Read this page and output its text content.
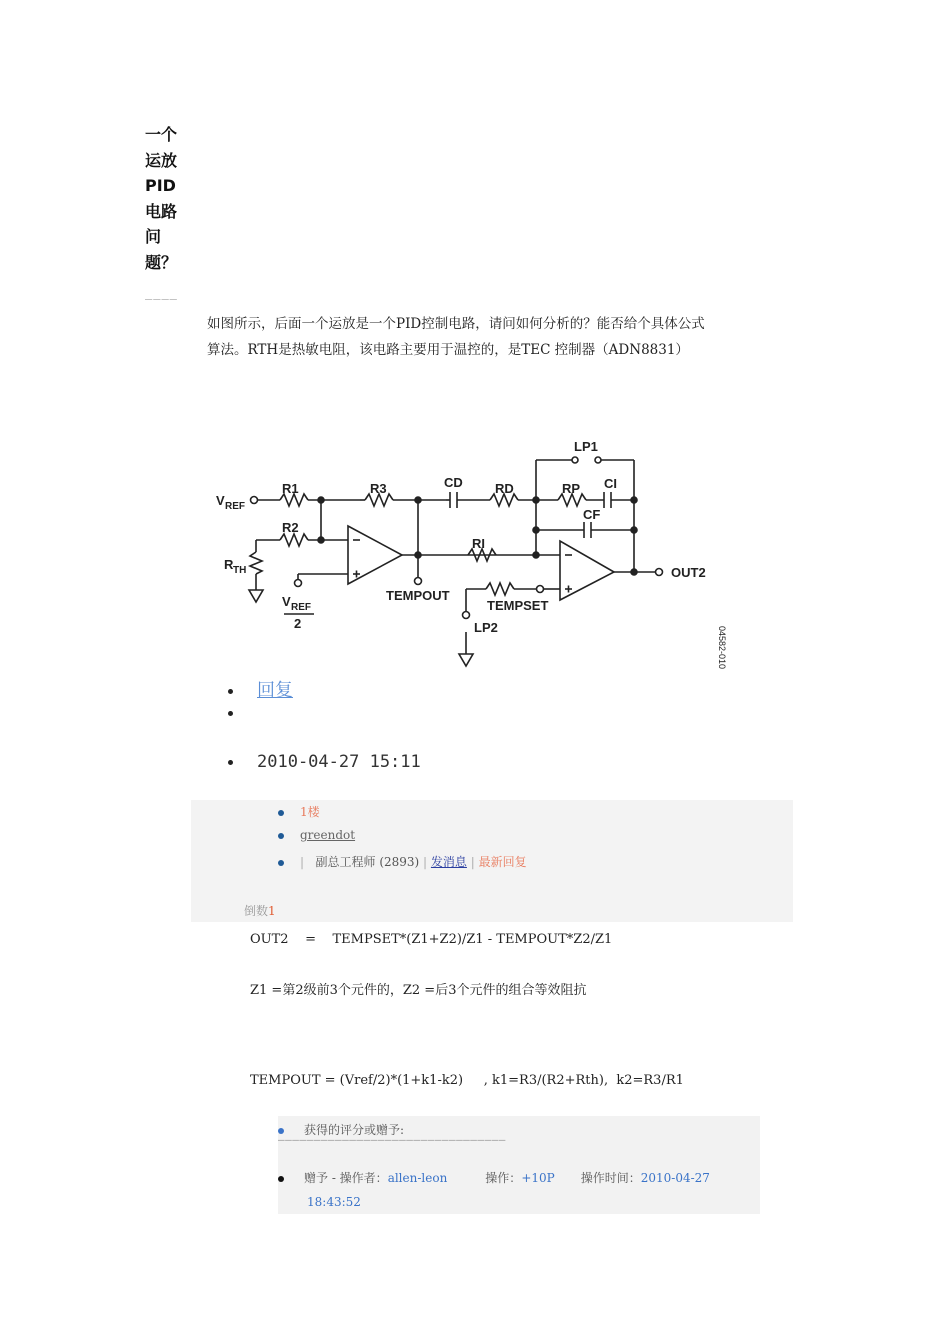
一个
运放
PID
电路
问
题？
————
如图所示，后面一个运放是一个PID控制电路，请问如何分析的？能否给个具体公式
算法。RTH是热敏电阻，该电路主要用于温控的，是TEC 控制器（ADN8831）
V REF
R1
R2
R3	CD RD
RI
RP CI
CF
LP1
LP2
R TH
V REF
2
TEMPOUT
TEMPSET
OUT2
04582-010
回复
2010-04-27 15:11
1楼
greendot
| 副总工程师 (2893) | 发消息 | 最新回复
倒数1
OUT2    =    TEMPSET*(Z1+Z2)/Z1 - TEMPOUT*Z2/Z1
Z1 =第2级前3个元件的，Z2 =后3个元件的组合等效阻抗
TEMPOUT = (Vref/2)*(1+k1-k2)     , k1=R3/(R2+Rth),  k2=R3/R1
获得的评分或赠予:
————————————————————————————————
赠予 - 操作者：allen-leon	操作：+10P 操作时间：2010-04-27
18:43:52
